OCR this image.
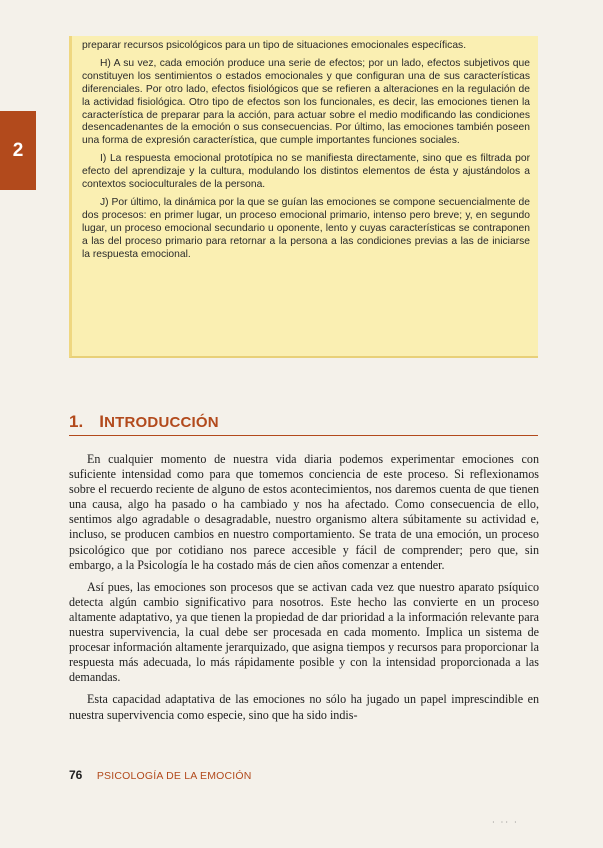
2

preparar recursos psicológicos para un tipo de situaciones emocionales específicas.

H) A su vez, cada emoción produce una serie de efectos; por un lado, efectos subjetivos que constituyen los sentimientos o estados emocionales y que configuran una de sus características diferenciales. Por otro lado, efectos fisiológicos que se refieren a alteraciones en la regulación de la actividad fisiológica. Otro tipo de efectos son los funcionales, es decir, las emociones tienen la característica de preparar para la acción, para actuar sobre el medio modificando las condiciones desencadenantes de la emoción o sus consecuencias. Por último, las emociones también poseen una forma de expresión característica, que cumple importantes funciones sociales.

I) La respuesta emocional prototípica no se manifiesta directamente, sino que es filtrada por efecto del aprendizaje y la cultura, modulando los distintos elementos de ésta y ajustándolos a contextos socioculturales de la persona.

J) Por último, la dinámica por la que se guían las emociones se compone secuencialmente de dos procesos: en primer lugar, un proceso emocional primario, intenso pero breve; y, en segundo lugar, un proceso emocional secundario u oponente, lento y cuyas características se contraponen a las del proceso primario para retornar a la persona a las condiciones previas a las de iniciarse la respuesta emocional.

1. INTRODUCCIÓN

En cualquier momento de nuestra vida diaria podemos experimentar emociones con suficiente intensidad como para que tomemos conciencia de este proceso. Si reflexionamos sobre el recuerdo reciente de alguno de estos acontecimientos, nos daremos cuenta de que tienen una causa, algo ha pasado o ha cambiado y nos ha afectado. Como consecuencia de ello, sentimos algo agradable o desagradable, nuestro organismo altera súbitamente su actividad e, incluso, se producen cambios en nuestro comportamiento. Se trata de una emoción, un proceso psicológico que por cotidiano nos parece accesible y fácil de comprender; pero que, sin embargo, a la Psicología le ha costado más de cien años comenzar a entender.

Así pues, las emociones son procesos que se activan cada vez que nuestro aparato psíquico detecta algún cambio significativo para nosotros. Este hecho las convierte en un proceso altamente adaptativo, ya que tienen la propiedad de dar prioridad a la información relevante para nuestra supervivencia, la cual debe ser procesada en cada momento. Implica un sistema de procesar información altamente jerarquizado, que asigna tiempos y recursos para proporcionar la respuesta más adecuada, lo más rápidamente posible y con la intensidad proporcionada a las demandas.

Esta capacidad adaptativa de las emociones no sólo ha jugado un papel imprescindible en nuestra supervivencia como especie, sino que ha sido indis-

76 PSICOLOGÍA DE LA EMOCIÓN
· ·· ·
